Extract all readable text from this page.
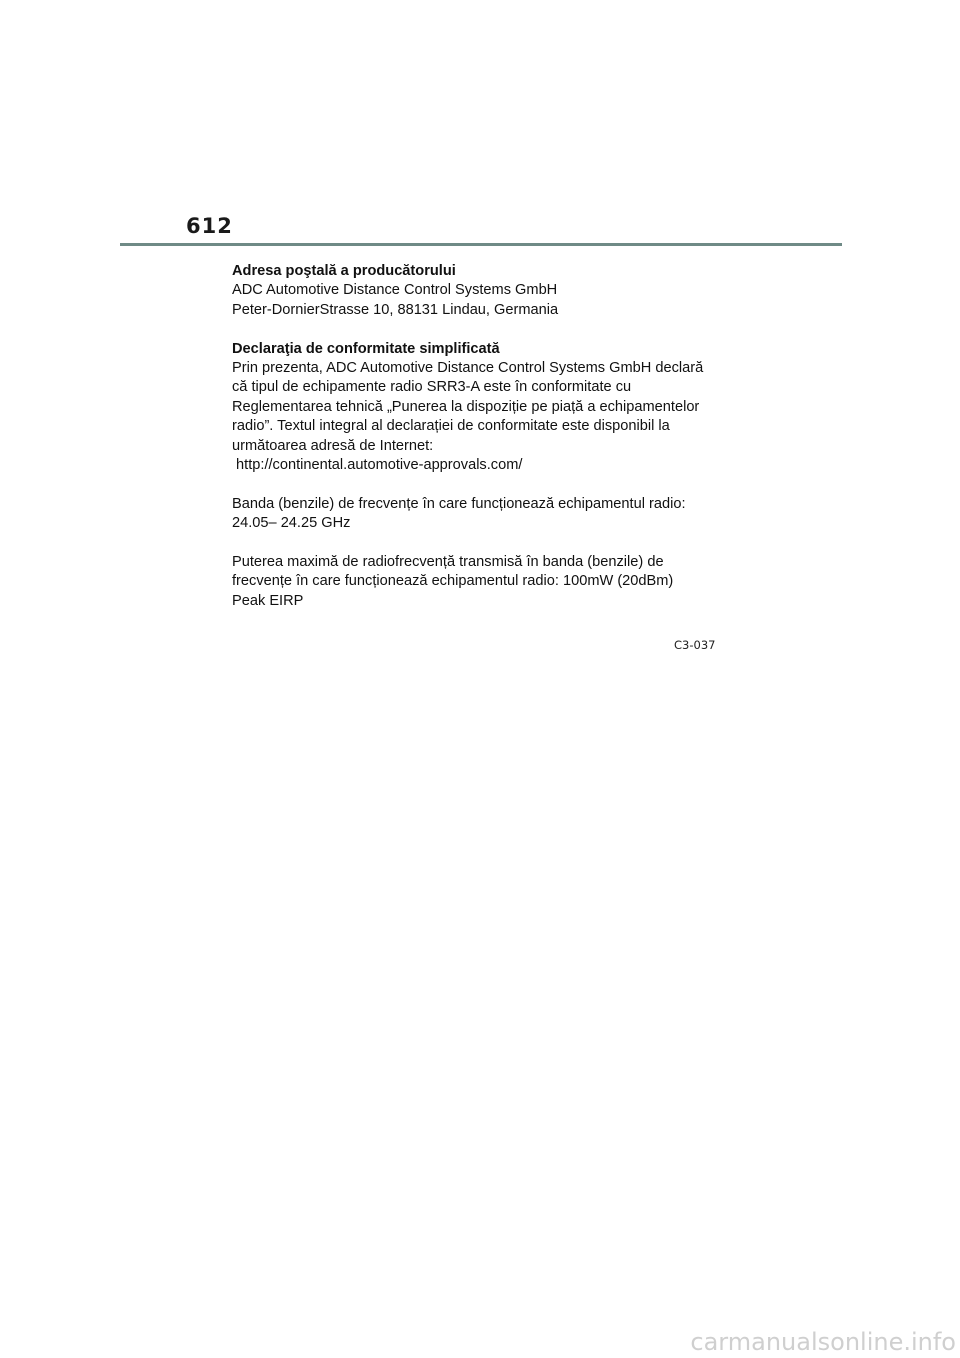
612
Adresa poştală a producătorului
ADC Automotive Distance Control Systems GmbH
Peter-DornierStrasse 10, 88131 Lindau, Germania
Declaraţia de conformitate simplificată
Prin prezenta, ADC Automotive Distance Control Systems GmbH declară
că tipul de echipamente radio SRR3-A este în conformitate cu
Reglementarea tehnică „Punerea la dispoziție pe piață a echipamentelor
radio”. Textul integral al declarației de conformitate este disponibil la
următoarea adresă de Internet:
http://continental.automotive-approvals.com/
Banda (benzile) de frecvențe în care funcționează echipamentul radio:
24.05– 24.25 GHz
Puterea maximă de radiofrecvență transmisă în banda (benzile) de
frecvențe în care funcționează echipamentul radio: 100mW (20dBm)
Peak EIRP
C3-037
carmanualsonline.info
